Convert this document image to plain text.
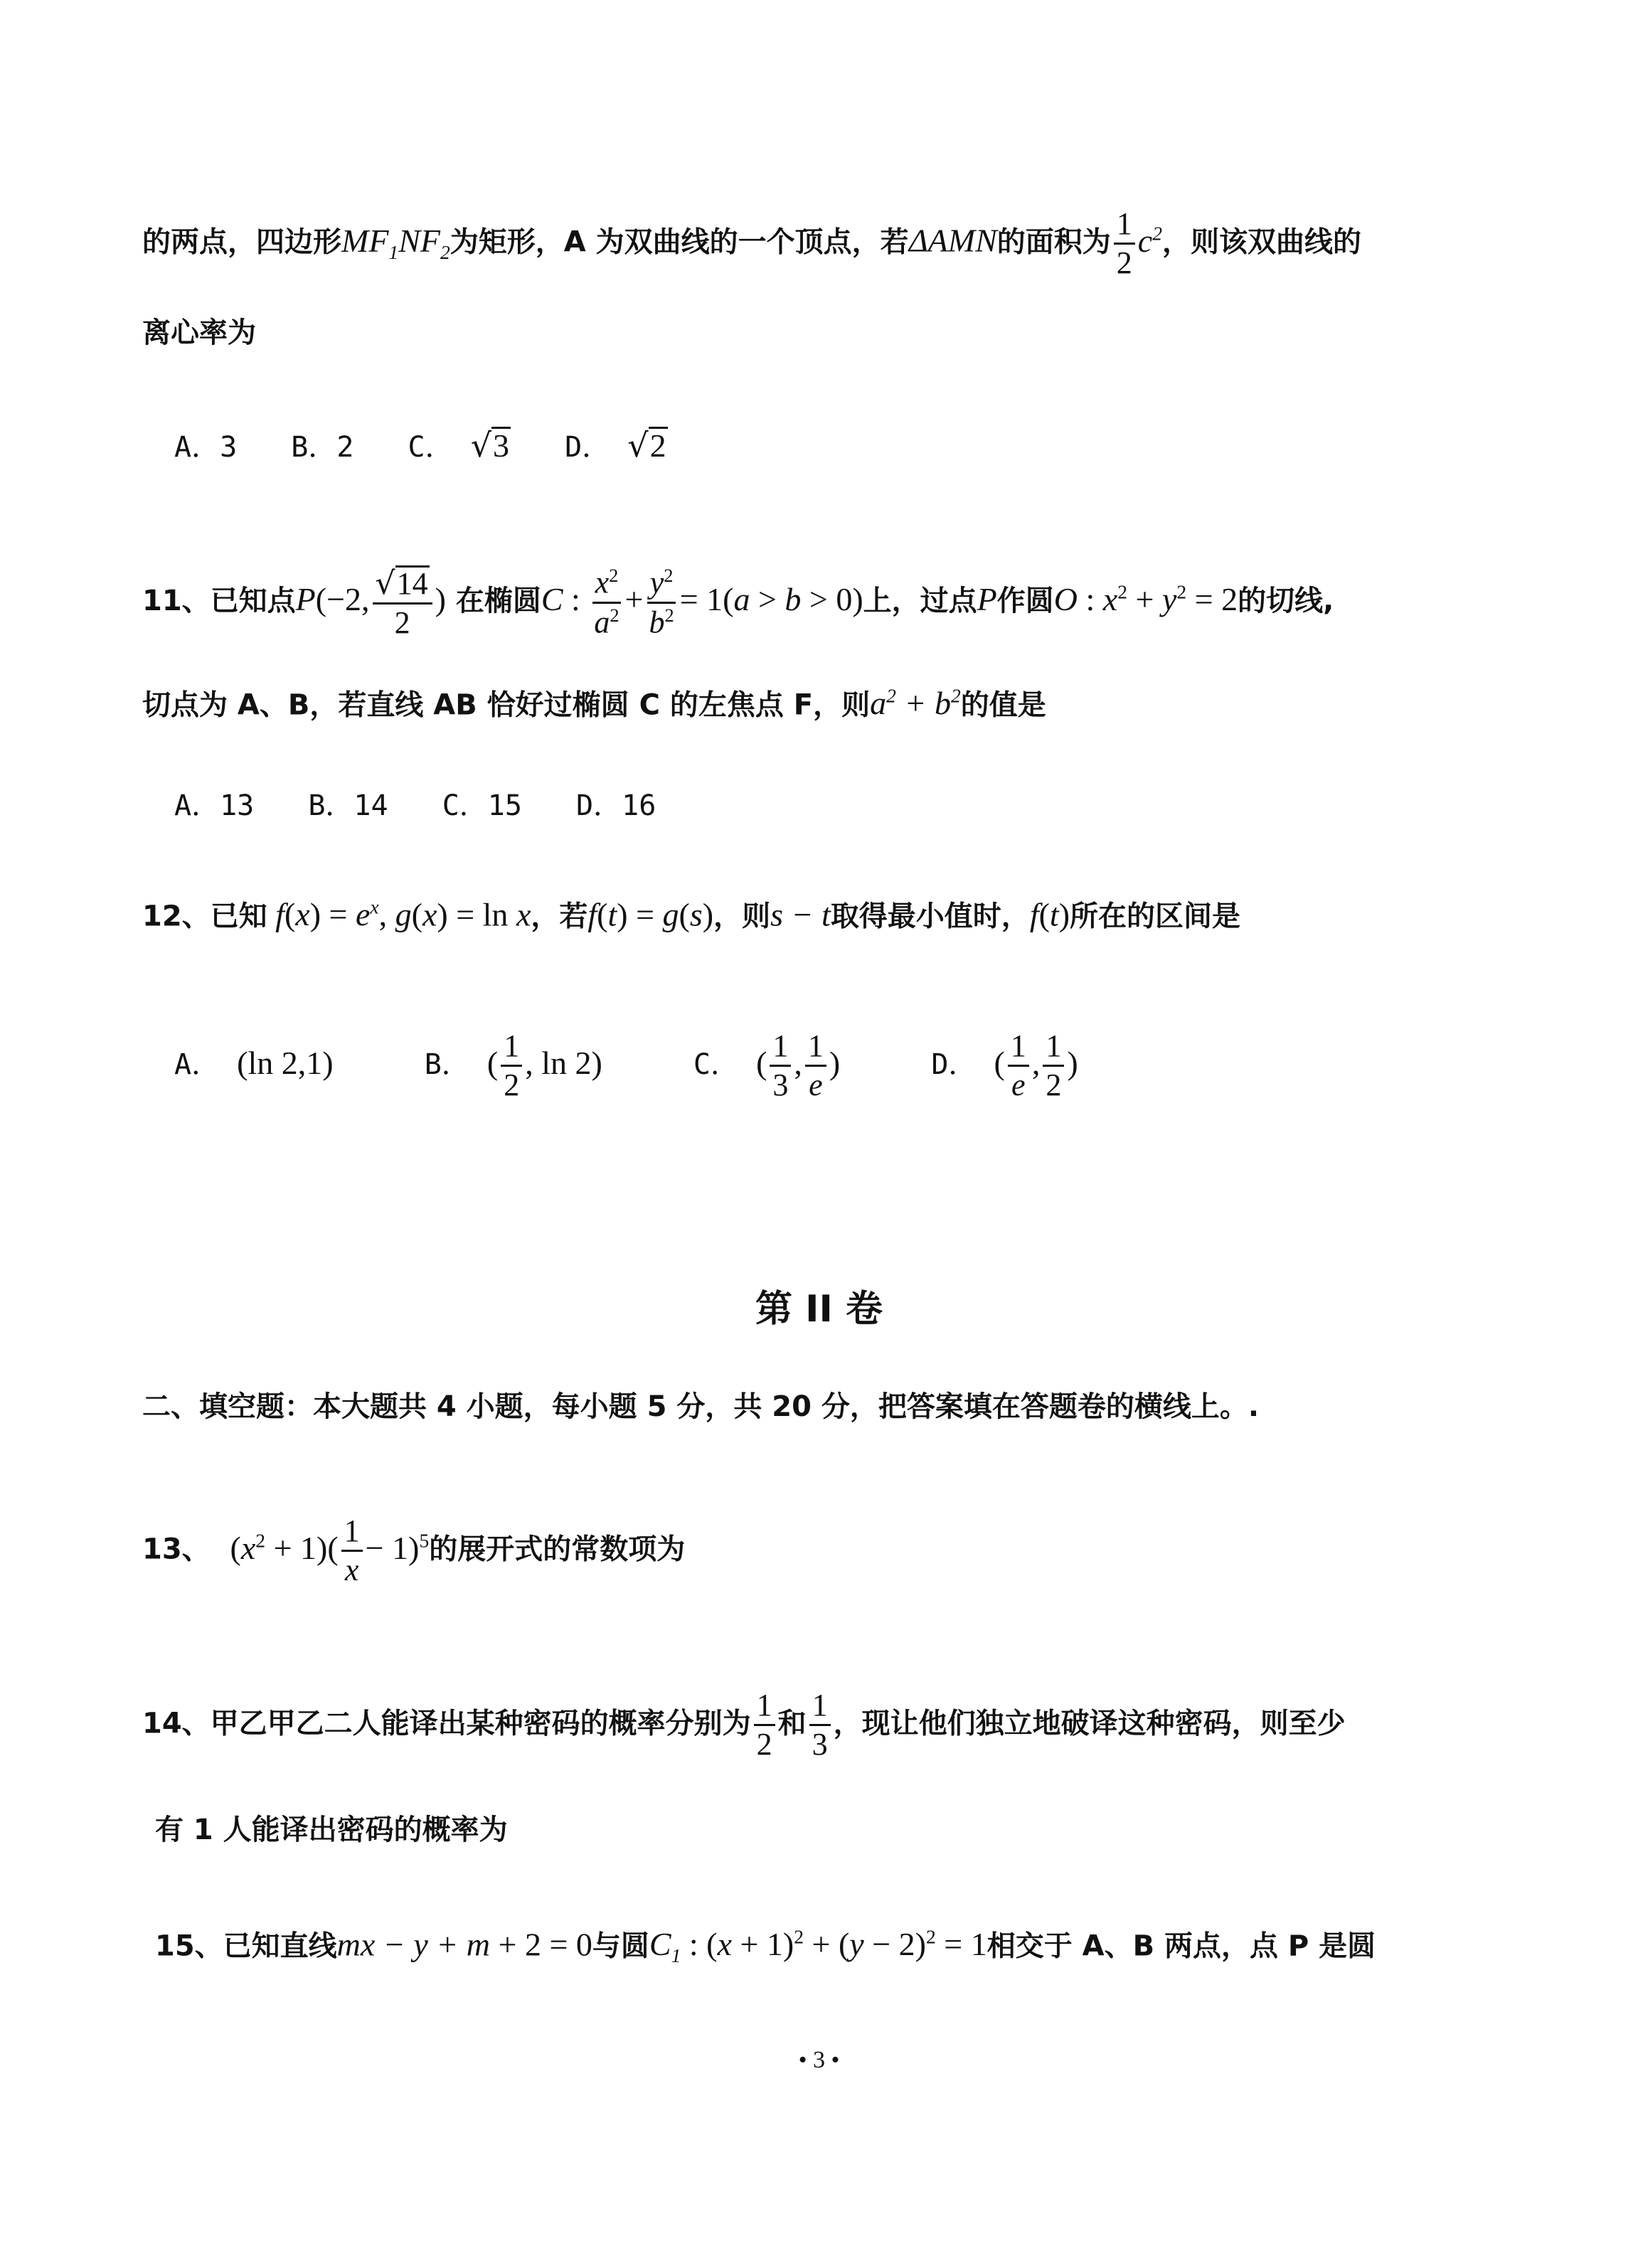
的两点，四边形$MF_1NF_2$为矩形，A 为双曲线的一个顶点，若ΔAMN的面积为 $\frac{1}{2} c^2$，则该双曲线的
离心率为
A．3 B．2 C． √3 D． √2
11、已知点P(−2, $\frac{√14}{2}$ ) 在椭圆C : $\frac{x^2}{a^2} + \frac{y^2}{b^2} = 1(a > b > 0)$上，过点P作圆O : $x^2 + y^2 = 2$的切线,
切点为 A、B，若直线 AB 恰好过椭圆 C 的左焦点 F，则$a^2 + b^2$的值是
A．13 B．14 C．15 D．16
12、已知 $f(x) = e^x$, g(x) = ln x，若f(t) = g(s)，则s − t取得最小值时，f(t)所在的区间是
A． (ln 2,1)	B． ( $\frac{1}{2}$ , ln 2)	C． ( $\frac{1}{3}$ , $\frac{1}{e}$ )	D． ( $\frac{1}{e}$ , $\frac{1}{2}$ )
第 II 卷
二、填空题：本大题共 4 小题，每小题 5 分，共 20 分，把答案填在答题卷的横线上。.
13、 $(x^2 + 1)( \frac{1}{x} - 1)^5$的展开式的常数项为
14、甲乙甲乙二人能译出某种密码的概率分别为 $\frac{1}{2}$ 和 $\frac{1}{3}$ ，现让他们独立地破译这种密码，则至少
有 1 人能译出密码的概率为
15、已知直线mx − y + m + 2 = 0与圆$C_1$ : $(x + 1)^2 + (y - 2)^2 = 1$相交于 A、B 两点，点 P 是圆
• 3 •
